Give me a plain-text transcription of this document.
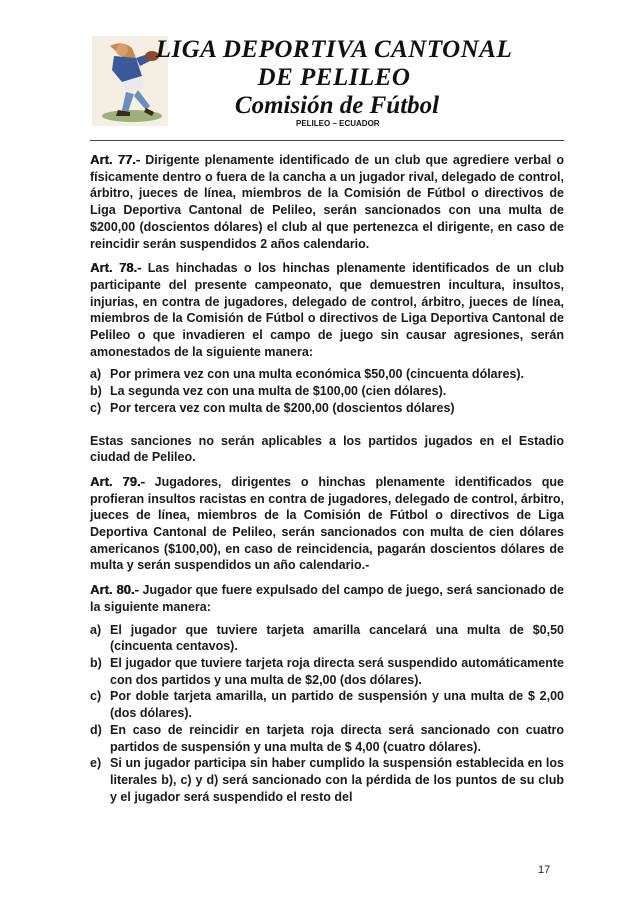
LIGA DEPORTIVA CANTONAL
DE PELILEO
Comisión de Fútbol
PELILEO – ECUADOR

Art. 77.- Dirigente plenamente identificado de un club que agrediere verbal o físicamente dentro o fuera de la cancha a un jugador rival, delegado de control, árbitro, jueces de línea, miembros de la Comisión de Fútbol o directivos de Liga Deportiva Cantonal de Pelileo, serán sancionados con una multa de $200,00 (doscientos dólares) el club al que pertenezca el dirigente, en caso de reincidir serán suspendidos 2 años calendario.

Art. 78.- Las hinchadas o los hinchas plenamente identificados de un club participante del presente campeonato, que demuestren incultura, insultos, injurias, en contra de jugadores, delegado de control, árbitro, jueces de línea, miembros de la Comisión de Fútbol o directivos de Liga Deportiva Cantonal de Pelileo o que invadieren el campo de juego sin causar agresiones, serán amonestados de la siguiente manera:

a) Por primera vez con una multa económica $50,00 (cincuenta dólares).
b) La segunda vez con una multa de $100,00 (cien dólares).
c) Por tercera vez con multa de $200,00 (doscientos dólares)

Estas sanciones no serán aplicables a los partidos jugados en el Estadio ciudad de Pelileo.

Art. 79.- Jugadores, dirigentes o hinchas plenamente identificados que profieran insultos racistas en contra de jugadores, delegado de control, árbitro, jueces de línea, miembros de la Comisión de Fútbol o directivos de Liga Deportiva Cantonal de Pelileo, serán sancionados con multa de cien dólares americanos ($100,00), en caso de reincidencia, pagarán doscientos dólares de multa y serán suspendidos un año calendario.-

Art. 80.- Jugador que fuere expulsado del campo de juego, será sancionado de la siguiente manera:

a) El jugador que tuviere tarjeta amarilla cancelará una multa de $0,50 (cincuenta centavos).
b) El jugador que tuviere tarjeta roja directa será suspendido automáticamente con dos partidos y una multa de $2,00 (dos dólares).
c) Por doble tarjeta amarilla, un partido de suspensión y una multa de $ 2,00 (dos dólares).
d) En caso de reincidir en tarjeta roja directa será sancionado con cuatro partidos de suspensión y una multa de $ 4,00 (cuatro dólares).
e) Si un jugador participa sin haber cumplido la suspensión establecida en los literales b), c) y d) será sancionado con la pérdida de los puntos de su club y el jugador será suspendido el resto del
17
